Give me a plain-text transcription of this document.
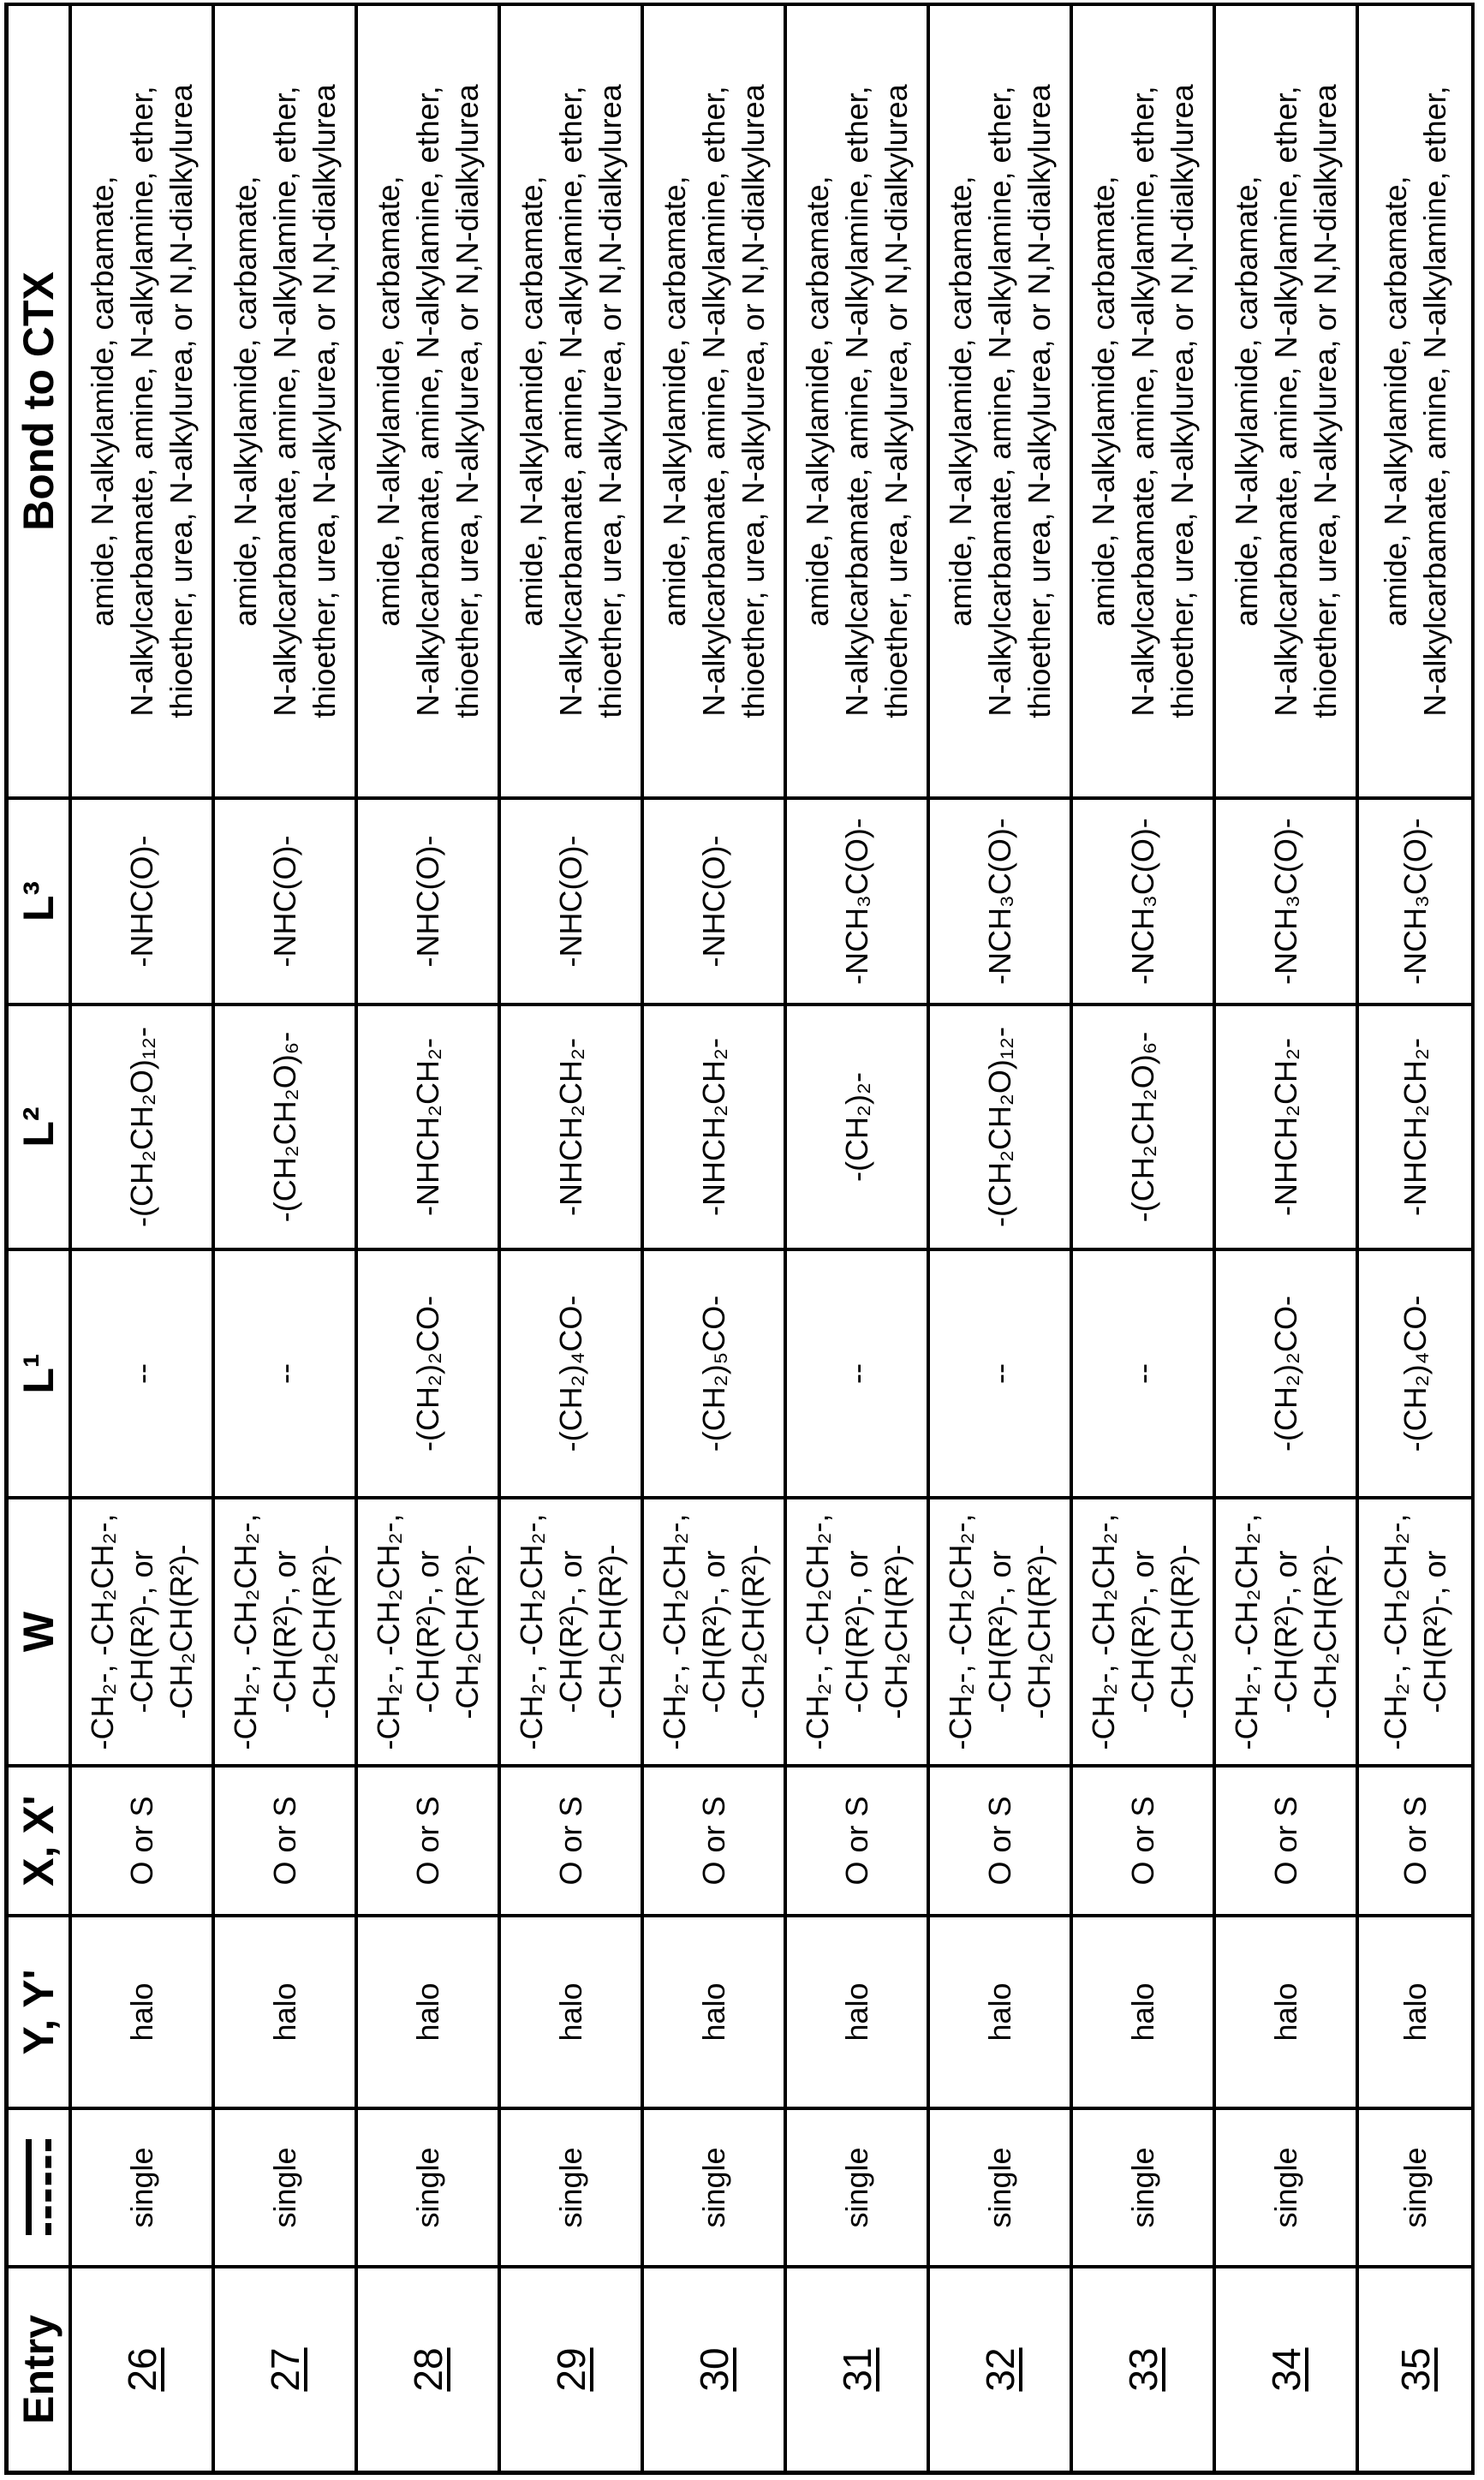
Entry
Y, Y'
X, X'
W
L¹
L²
L³
Bond to CTX
26
single
halo
O or S
-CH₂-, -CH₂CH₂-,
-CH(R²)-, or
-CH₂CH(R²)-
--
-(CH₂CH₂O)₁₂-
-NHC(O)-
amide, N-alkylamide, carbamate,
N-alkylcarbamate, amine, N-alkylamine, ether,
thioether, urea, N-alkylurea, or N,N-dialkylurea
27
single
halo
O or S
-CH₂-, -CH₂CH₂-,
-CH(R²)-, or
-CH₂CH(R²)-
--
-(CH₂CH₂O)₆-
-NHC(O)-
amide, N-alkylamide, carbamate,
N-alkylcarbamate, amine, N-alkylamine, ether,
thioether, urea, N-alkylurea, or N,N-dialkylurea
28
single
halo
O or S
-CH₂-, -CH₂CH₂-,
-CH(R²)-, or
-CH₂CH(R²)-
-(CH₂)₂CO-
-NHCH₂CH₂-
-NHC(O)-
amide, N-alkylamide, carbamate,
N-alkylcarbamate, amine, N-alkylamine, ether,
thioether, urea, N-alkylurea, or N,N-dialkylurea
29
single
halo
O or S
-CH₂-, -CH₂CH₂-,
-CH(R²)-, or
-CH₂CH(R²)-
-(CH₂)₄CO-
-NHCH₂CH₂-
-NHC(O)-
amide, N-alkylamide, carbamate,
N-alkylcarbamate, amine, N-alkylamine, ether,
thioether, urea, N-alkylurea, or N,N-dialkylurea
30
single
halo
O or S
-CH₂-, -CH₂CH₂-,
-CH(R²)-, or
-CH₂CH(R²)-
-(CH₂)₅CO-
-NHCH₂CH₂-
-NHC(O)-
amide, N-alkylamide, carbamate,
N-alkylcarbamate, amine, N-alkylamine, ether,
thioether, urea, N-alkylurea, or N,N-dialkylurea
31
single
halo
O or S
-CH₂-, -CH₂CH₂-,
-CH(R²)-, or
-CH₂CH(R²)-
--
-(CH₂)₂-
-NCH₃C(O)-
amide, N-alkylamide, carbamate,
N-alkylcarbamate, amine, N-alkylamine, ether,
thioether, urea, N-alkylurea, or N,N-dialkylurea
32
single
halo
O or S
-CH₂-, -CH₂CH₂-,
-CH(R²)-, or
-CH₂CH(R²)-
--
-(CH₂CH₂O)₁₂-
-NCH₃C(O)-
amide, N-alkylamide, carbamate,
N-alkylcarbamate, amine, N-alkylamine, ether,
thioether, urea, N-alkylurea, or N,N-dialkylurea
33
single
halo
O or S
-CH₂-, -CH₂CH₂-,
-CH(R²)-, or
-CH₂CH(R²)-
--
-(CH₂CH₂O)₆-
-NCH₃C(O)-
amide, N-alkylamide, carbamate,
N-alkylcarbamate, amine, N-alkylamine, ether,
thioether, urea, N-alkylurea, or N,N-dialkylurea
34
single
halo
O or S
-CH₂-, -CH₂CH₂-,
-CH(R²)-, or
-CH₂CH(R²)-
-(CH₂)₂CO-
-NHCH₂CH₂-
-NCH₃C(O)-
amide, N-alkylamide, carbamate,
N-alkylcarbamate, amine, N-alkylamine, ether,
thioether, urea, N-alkylurea, or N,N-dialkylurea
35
single
halo
O or S
-CH₂-, -CH₂CH₂-,
-CH(R²)-, or
-(CH₂)₄CO-
-NHCH₂CH₂-
-NCH₃C(O)-
amide, N-alkylamide, carbamate,
N-alkylcarbamate, amine, N-alkylamine, ether,
